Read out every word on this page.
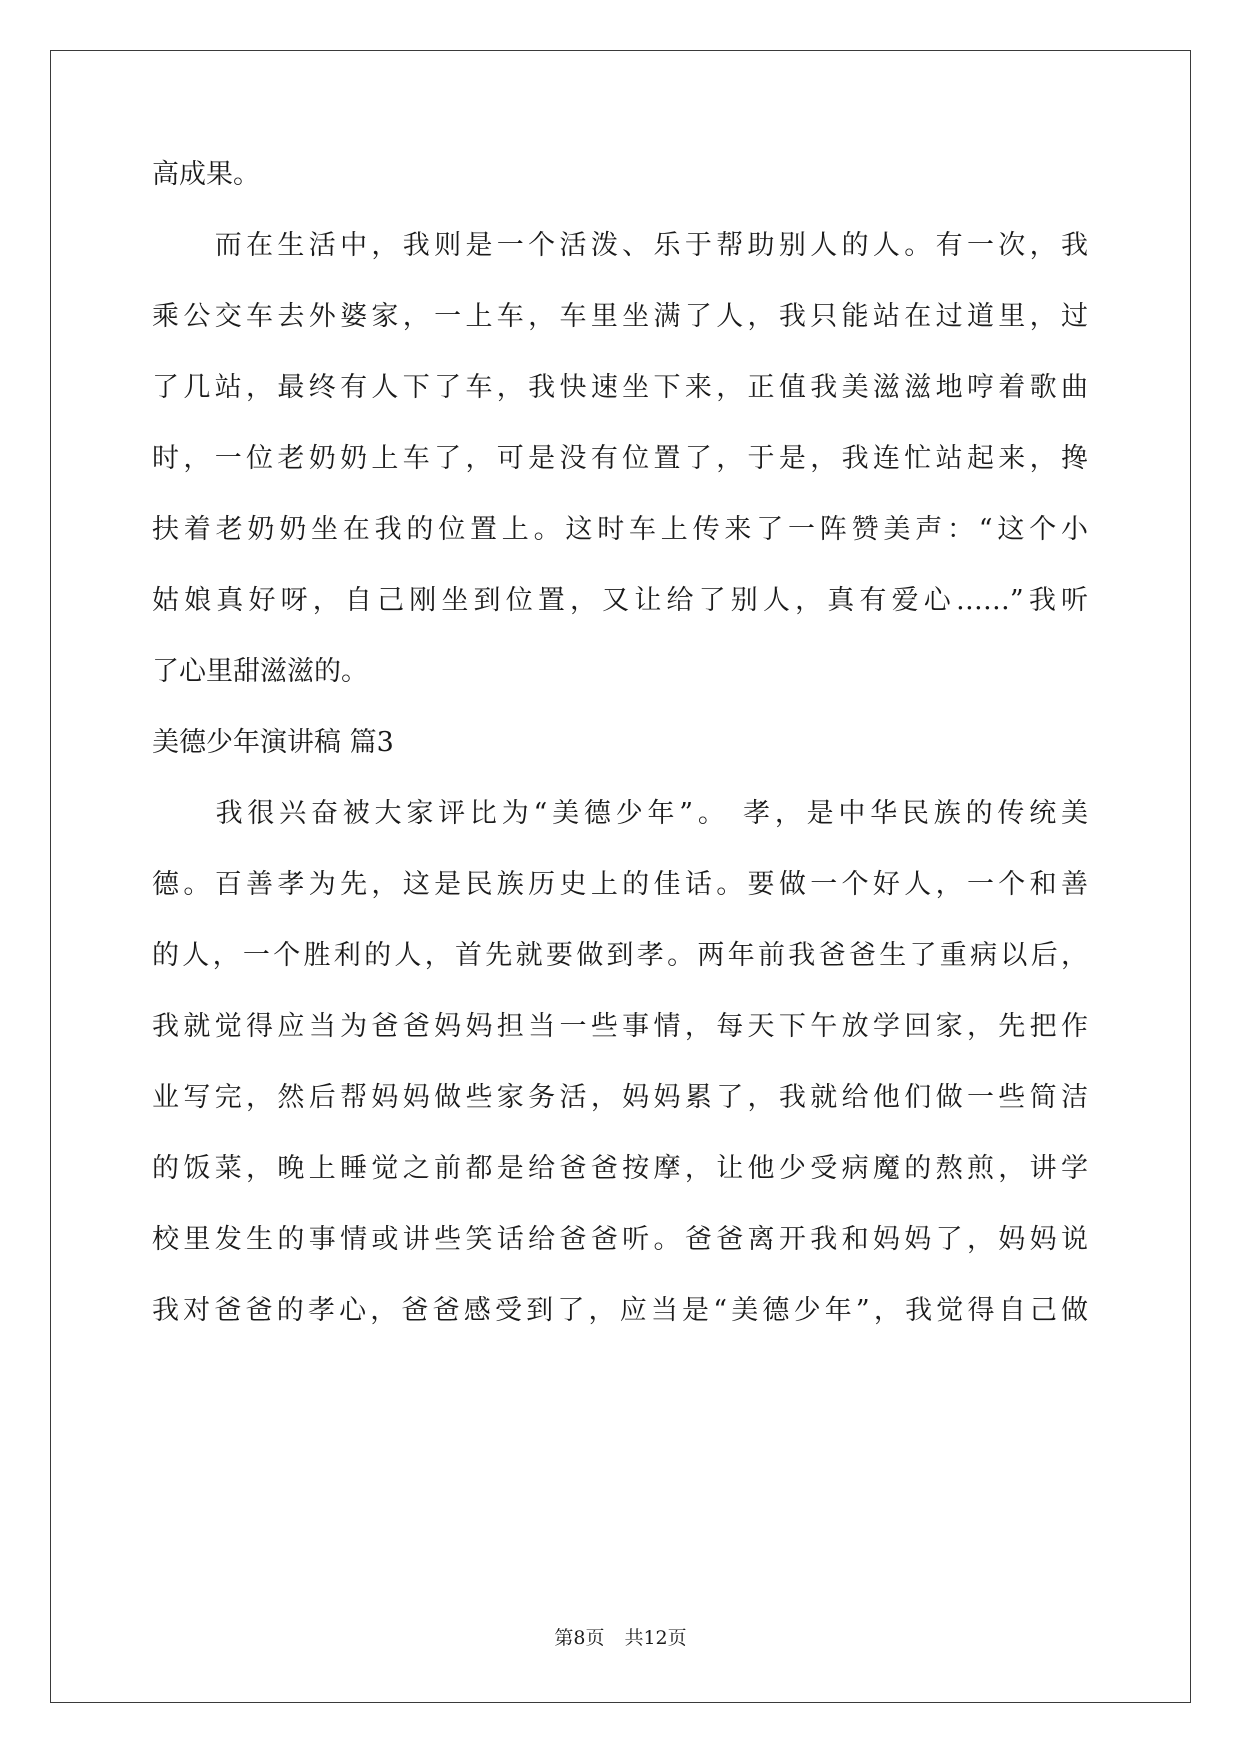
高成果。
　　而在生活中，我则是一个活泼、乐于帮助别人的人。有一次，我
乘公交车去外婆家，一上车，车里坐满了人，我只能站在过道里，过
了几站，最终有人下了车，我快速坐下来，正值我美滋滋地哼着歌曲
时，一位老奶奶上车了，可是没有位置了，于是，我连忙站起来，搀
扶着老奶奶坐在我的位置上。这时车上传来了一阵赞美声：“这个小
姑娘真好呀，自己刚坐到位置，又让给了别人，真有爱心……”我听
了心里甜滋滋的。
美德少年演讲稿 篇3
　　我很兴奋被大家评比为“美德少年”。 孝，是中华民族的传统美
德。百善孝为先，这是民族历史上的佳话。要做一个好人，一个和善
的人，一个胜利的人，首先就要做到孝。两年前我爸爸生了重病以后，
我就觉得应当为爸爸妈妈担当一些事情，每天下午放学回家，先把作
业写完，然后帮妈妈做些家务活，妈妈累了，我就给他们做一些简洁
的饭菜，晚上睡觉之前都是给爸爸按摩，让他少受病魔的熬煎，讲学
校里发生的事情或讲些笑话给爸爸听。爸爸离开我和妈妈了，妈妈说
我对爸爸的孝心，爸爸感受到了，应当是“美德少年”，我觉得自己做
第8页 共12页
